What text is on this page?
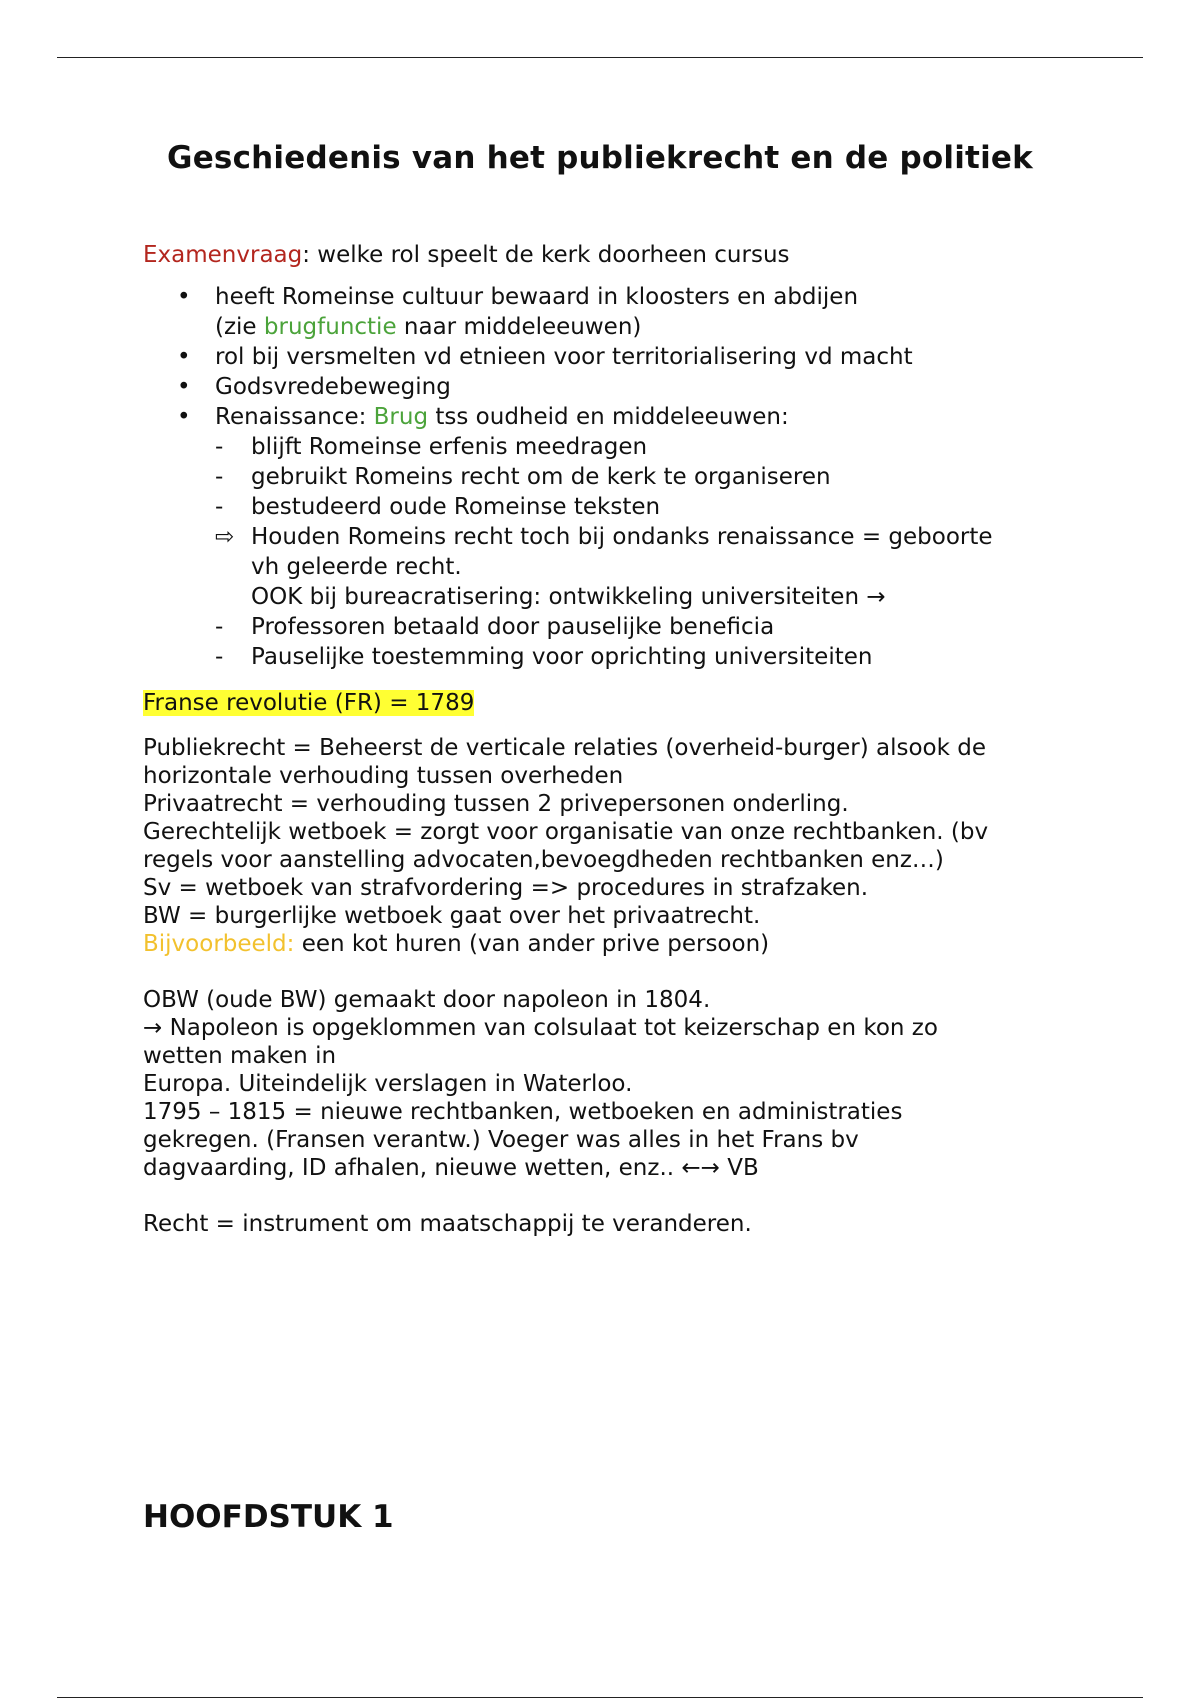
Geschiedenis van het publiekrecht en de politiek

Examenvraag: welke rol speelt de kerk doorheen cursus

• heeft Romeinse cultuur bewaard in kloosters en abdijen
(zie brugfunctie naar middeleeuwen)
• rol bij versmelten vd etnieen voor territorialisering vd macht
• Godsvredebeweging
• Renaissance: Brug tss oudheid en middeleeuwen:
-	blijft Romeinse erfenis meedragen
-	gebruikt Romeins recht om de kerk te organiseren
-	bestudeerd oude Romeinse teksten
⇨ Houden Romeins recht toch bij ondanks renaissance = geboorte
vh geleerde recht.
OOK bij bureacratisering: ontwikkeling universiteiten →
-	Professoren betaald door pauselijke beneficia
-	Pauselijke toestemming voor oprichting universiteiten

Franse revolutie (FR) = 1789

Publiekrecht = Beheerst de verticale relaties (overheid-burger) alsook de
horizontale verhouding tussen overheden
Privaatrecht = verhouding tussen 2 privepersonen onderling.
Gerechtelijk wetboek = zorgt voor organisatie van onze rechtbanken. (bv
regels voor aanstelling advocaten,bevoegdheden rechtbanken enz…)
Sv = wetboek van strafvordering => procedures in strafzaken.
BW = burgerlijke wetboek gaat over het privaatrecht.
Bijvoorbeeld: een kot huren (van ander prive persoon)
OBW (oude BW) gemaakt door napoleon in 1804.
→ Napoleon is opgeklommen van colsulaat tot keizerschap en kon zo
wetten maken in
Europa. Uiteindelijk verslagen in Waterloo.
1795 – 1815 = nieuwe rechtbanken, wetboeken en administraties
gekregen. (Fransen verantw.) Voeger was alles in het Frans bv
dagvaarding, ID afhalen, nieuwe wetten, enz.. ←→ VB
Recht = instrument om maatschappij te veranderen.
HOOFDSTUK 1
